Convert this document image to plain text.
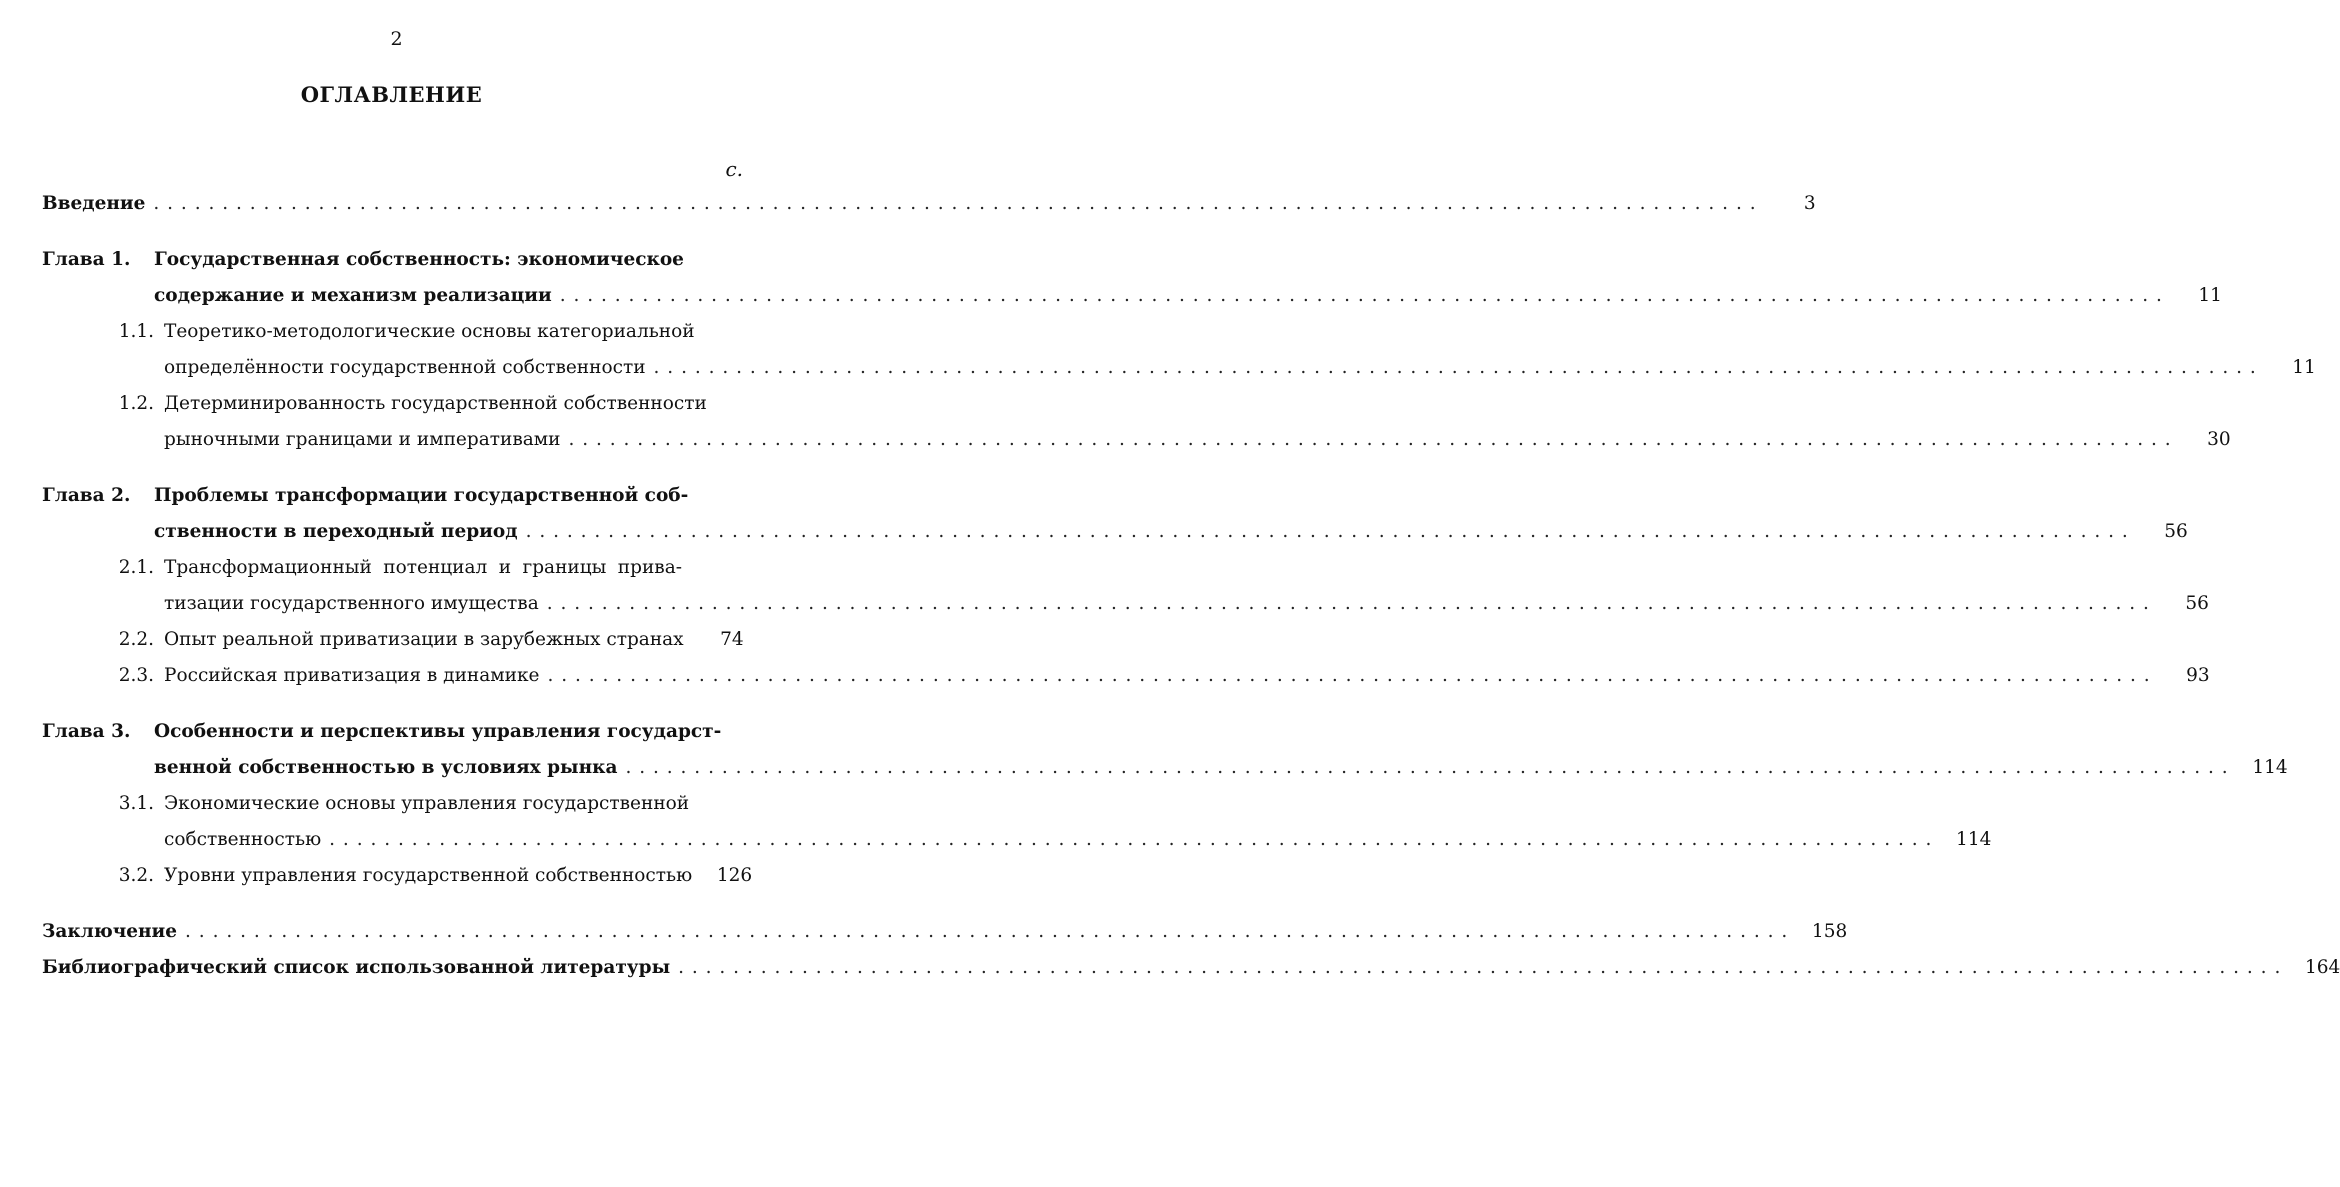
2
ОГЛАВЛЕНИЕ
с.
Введение . . .	3
Глава 1.	Государственная собственность: экономическое
содержание и механизм реализации . . .	11
1.1. Теоретико-методологические основы категориальной
определённости государственной собственности . . .	11
1.2. Детерминированность государственной собственности
рыночными границами и императивами . . .	30
Глава 2.	Проблемы трансформации государственной соб-
ственности в переходный период . . .	56
2.1. Трансформационный потенциал и границы прива-
тизации государственного имущества . . .	56
2.2. Опыт реальной приватизации в зарубежных странах	74
2.3. Российская приватизация в динамике . . .	93
Глава 3.	Особенности и перспективы управления государст-
венной собственностью в условиях рынка . . .	114
3.1. Экономические основы управления государственной
собственностью . . .	114
3.2. Уровни управления государственной собственностью	126
Заключение . . .	158
Библиографический список использованной литературы . . .	164
